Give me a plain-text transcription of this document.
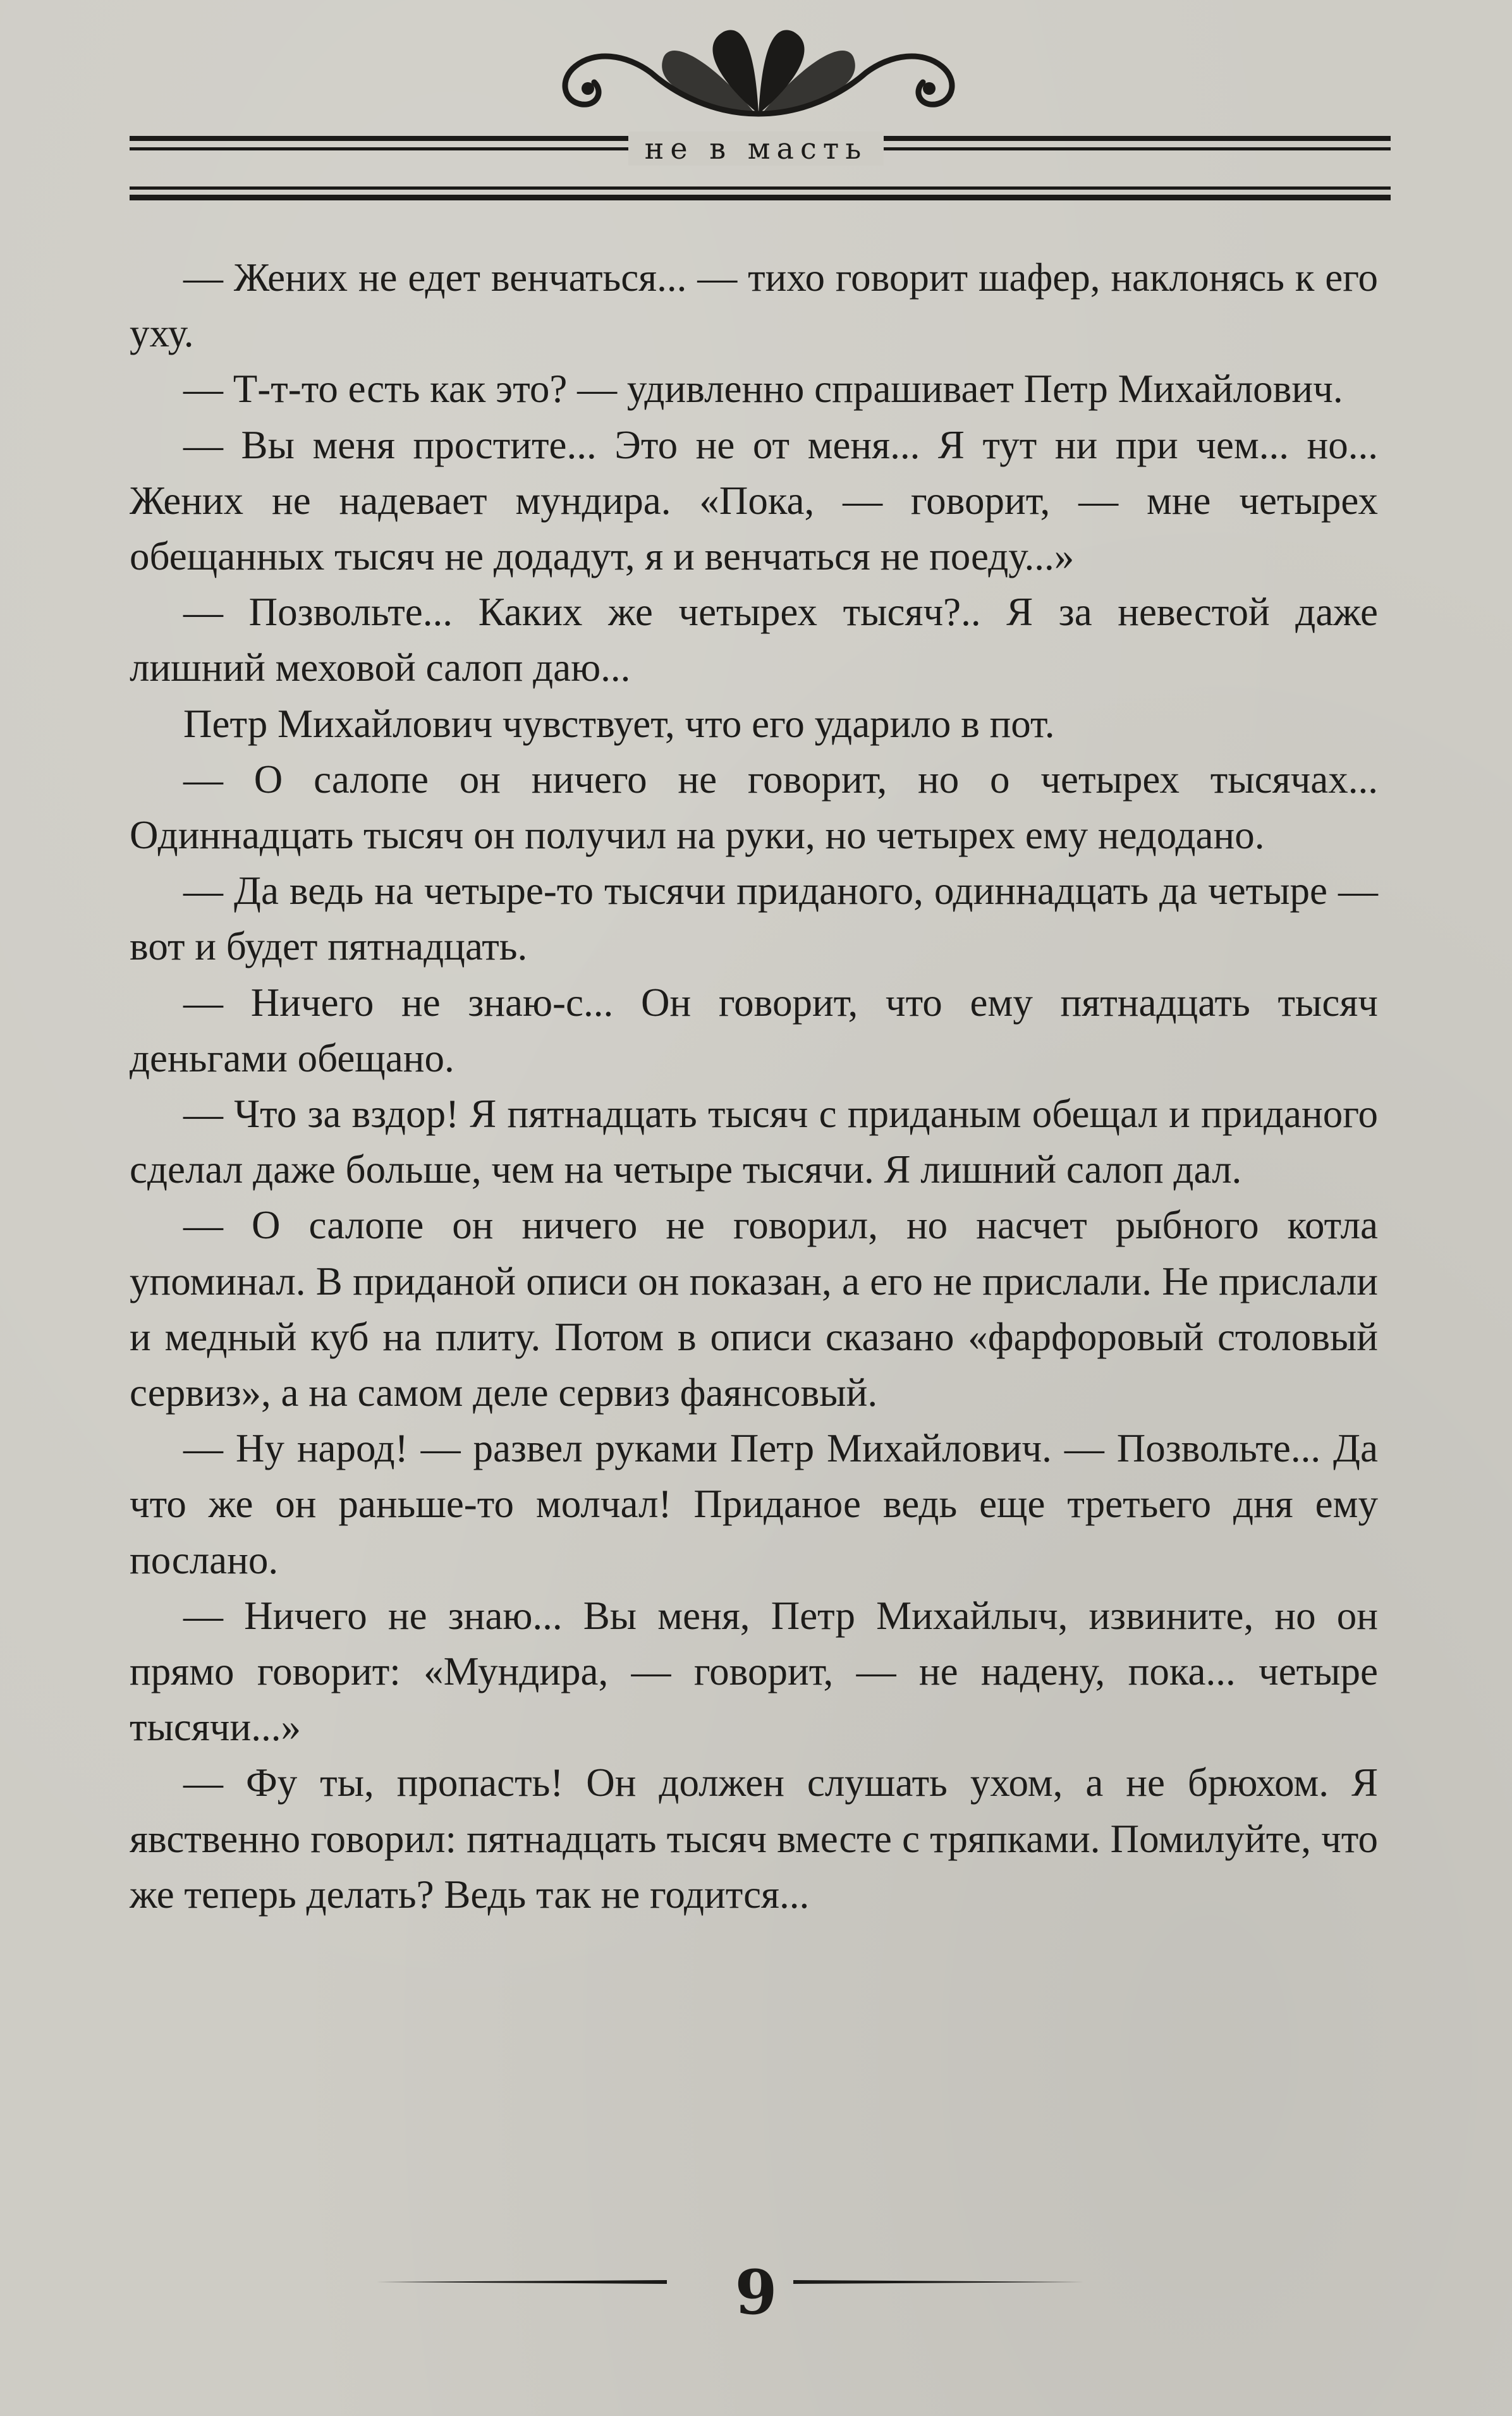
не в масть

— Жених не едет венчаться... — тихо говорит шафер, наклонясь к его уху.

— Т-т-то есть как это? — удивленно спрашивает Петр Михайлович.

— Вы меня простите... Это не от меня... Я тут ни при чем... но... Жених не надевает мундира. «Пока, — говорит, — мне четырех обещанных тысяч не додадут, я и венчаться не поеду...»

— Позвольте... Каких же четырех тысяч?.. Я за невестой даже лишний меховой салоп даю...

Петр Михайлович чувствует, что его ударило в пот.

— О салопе он ничего не говорит, но о четырех тысячах... Одиннадцать тысяч он получил на руки, но четырех ему недодано.

— Да ведь на четыре-то тысячи приданого, одиннадцать да четыре — вот и будет пятнадцать.

— Ничего не знаю-с... Он говорит, что ему пятнадцать тысяч деньгами обещано.

— Что за вздор! Я пятнадцать тысяч с приданым обещал и приданого сделал даже больше, чем на четыре тысячи. Я лишний салоп дал.

— О салопе он ничего не говорил, но насчет рыбного котла упоминал. В приданой описи он показан, а его не прислали. Не прислали и медный куб на плиту. Потом в описи сказано «фарфоровый столовый сервиз», а на самом деле сервиз фаянсовый.

— Ну народ! — развел руками Петр Михайлович. — Позвольте... Да что же он раньше-то молчал! Приданое ведь еще третьего дня ему послано.

— Ничего не знаю... Вы меня, Петр Михайлыч, извините, но он прямо говорит: «Мундира, — говорит, — не надену, пока... четыре тысячи...»

— Фу ты, пропасть! Он должен слушать ухом, а не брюхом. Я явственно говорил: пятнадцать тысяч вместе с тряпками. Помилуйте, что же теперь делать? Ведь так не годится...

9
